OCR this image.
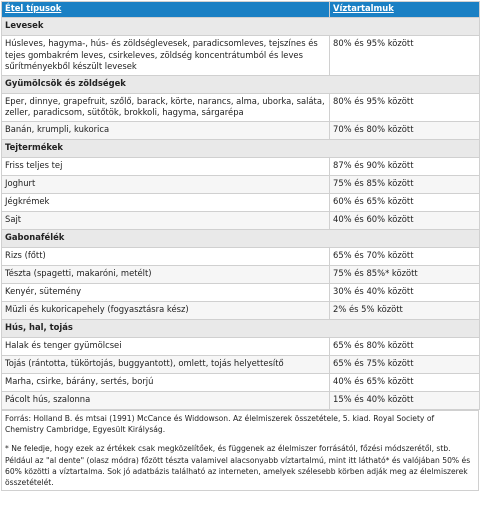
Étel típusok	Víztartalmuk
Levesek	
Húsleves, hagyma-, hús- és zöldséglevesek, paradicsomleves, tejszínes és tejes gombakrém leves, csirkeleves, zöldség koncentrátumból és leves sűrítményekből készült levesek	80% és 95% között
Gyümölcsök és zöldségek	
Eper, dinnye, grapefruit, szőlő, barack, körte, narancs, alma, uborka, saláta, zeller, paradicsom, sütőtök, brokkoli, hagyma, sárgarépa	80% és 95% között
Banán, krumpli, kukorica	70% és 80% között
Tejtermékek	
Friss teljes tej	87% és 90% között
Joghurt	75% és 85% között
Jégkrémek	60% és 65% között
Sajt	40% és 60% között
Gabonafélék	
Rizs (főtt)	65% és 70% között
Tészta (spagetti, makaróni, metélt)	75% és 85%* között
Kenyér, sütemény	30% és 40% között
Müzli és kukoricapehely (fogyasztásra kész)	2% és 5% között
Hús, hal, tojás	
Halak és tenger gyümölcsei	65% és 80% között
Tojás (rántotta, tükörtojás, buggyantott), omlett, tojás helyettesítő	65% és 75% között
Marha, csirke, bárány, sertés, borjú	40% és 65% között
Pácolt hús, szalonna	15% és 40% között

Forrás: Holland B. és mtsai (1991) McCance és Widdowson. Az élelmiszerek összetétele, 5. kiad. Royal Society of Chemistry Cambridge, Egyesült Királyság.

* Ne feledje, hogy ezek az értékek csak megközelítőek, és függenek az élelmiszer forrásától, főzési módszerétől, stb. Például az "al dente" (olasz módra) főzött tészta valamivel alacsonyabb víztartalmú, mint itt látható* és valójában 50% és 60% közötti a víztartalma. Sok jó adatbázis található az interneten, amelyek szélesebb körben adják meg az élelmiszerek összetételét.
